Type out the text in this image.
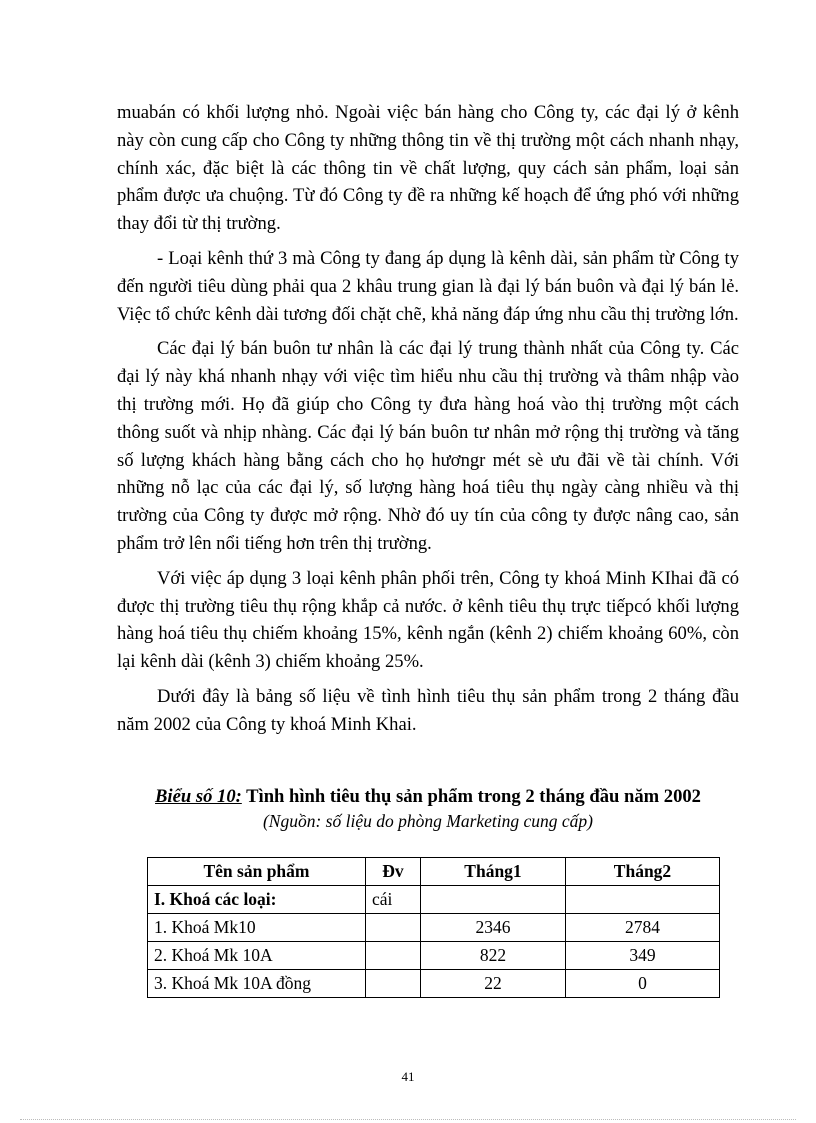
muabán có khối lượng nhỏ. Ngoài việc bán hàng cho Công ty, các đại lý ở kênh này còn cung cấp cho Công ty những thông tin về thị trường một cách nhanh nhạy, chính xác, đặc biệt là các thông tin về chất lượng, quy cách sản phẩm, loại sản phẩm được ưa chuộng. Từ đó Công ty đề ra những kế hoạch để ứng phó với những thay đổi từ thị trường.

- Loại kênh thứ 3 mà Công ty đang áp dụng là kênh dài, sản phẩm từ Công ty đến người tiêu dùng phải qua 2 khâu trung gian là đại lý bán buôn và đại lý bán lẻ. Việc tổ chức kênh dài tương đối chặt chẽ, khả năng đáp ứng nhu cầu thị trường lớn.

Các đại lý bán buôn tư nhân là các đại lý trung thành nhất của Công ty. Các đại lý này khá nhanh nhạy với việc tìm hiểu nhu cầu thị trường và thâm nhập vào thị trường mới. Họ đã giúp cho Công ty đưa hàng hoá vào thị trường một cách thông suốt và nhịp nhàng. Các đại lý bán buôn tư nhân mở rộng thị trường và tăng số lượng khách hàng bằng cách cho họ hươngr mét sè ưu đãi về tài chính. Với những nỗ lạc của các đại lý, số lượng hàng hoá tiêu thụ ngày càng nhiều và thị trường của Công ty được mở rộng. Nhờ đó uy tín của công ty được nâng cao, sản phẩm trở lên nổi tiếng hơn trên thị trường.

Với việc áp dụng 3 loại kênh phân phối trên, Công ty khoá Minh KIhai đã có được thị trường tiêu thụ rộng khắp cả nước. ở kênh tiêu thụ trực tiếpcó khối lượng hàng hoá tiêu thụ chiếm khoảng 15%, kênh ngắn (kênh 2) chiếm khoảng 60%, còn lại kênh dài (kênh 3) chiếm khoảng 25%.

Dưới đây là bảng số liệu về tình hình tiêu thụ sản phẩm trong 2 tháng đầu năm 2002 của Công ty khoá Minh Khai.

Biểu số 10: Tình hình tiêu thụ sản phẩm trong 2 tháng đầu năm 2002
(Nguồn: số liệu do phòng Marketing cung cấp)
Tên sản phẩm	Đv	Tháng1	Tháng2
I. Khoá các loại:	cái		
1. Khoá Mk10		2346	2784
2. Khoá Mk 10A		822	349
3. Khoá Mk 10A đồng		22	0
41
